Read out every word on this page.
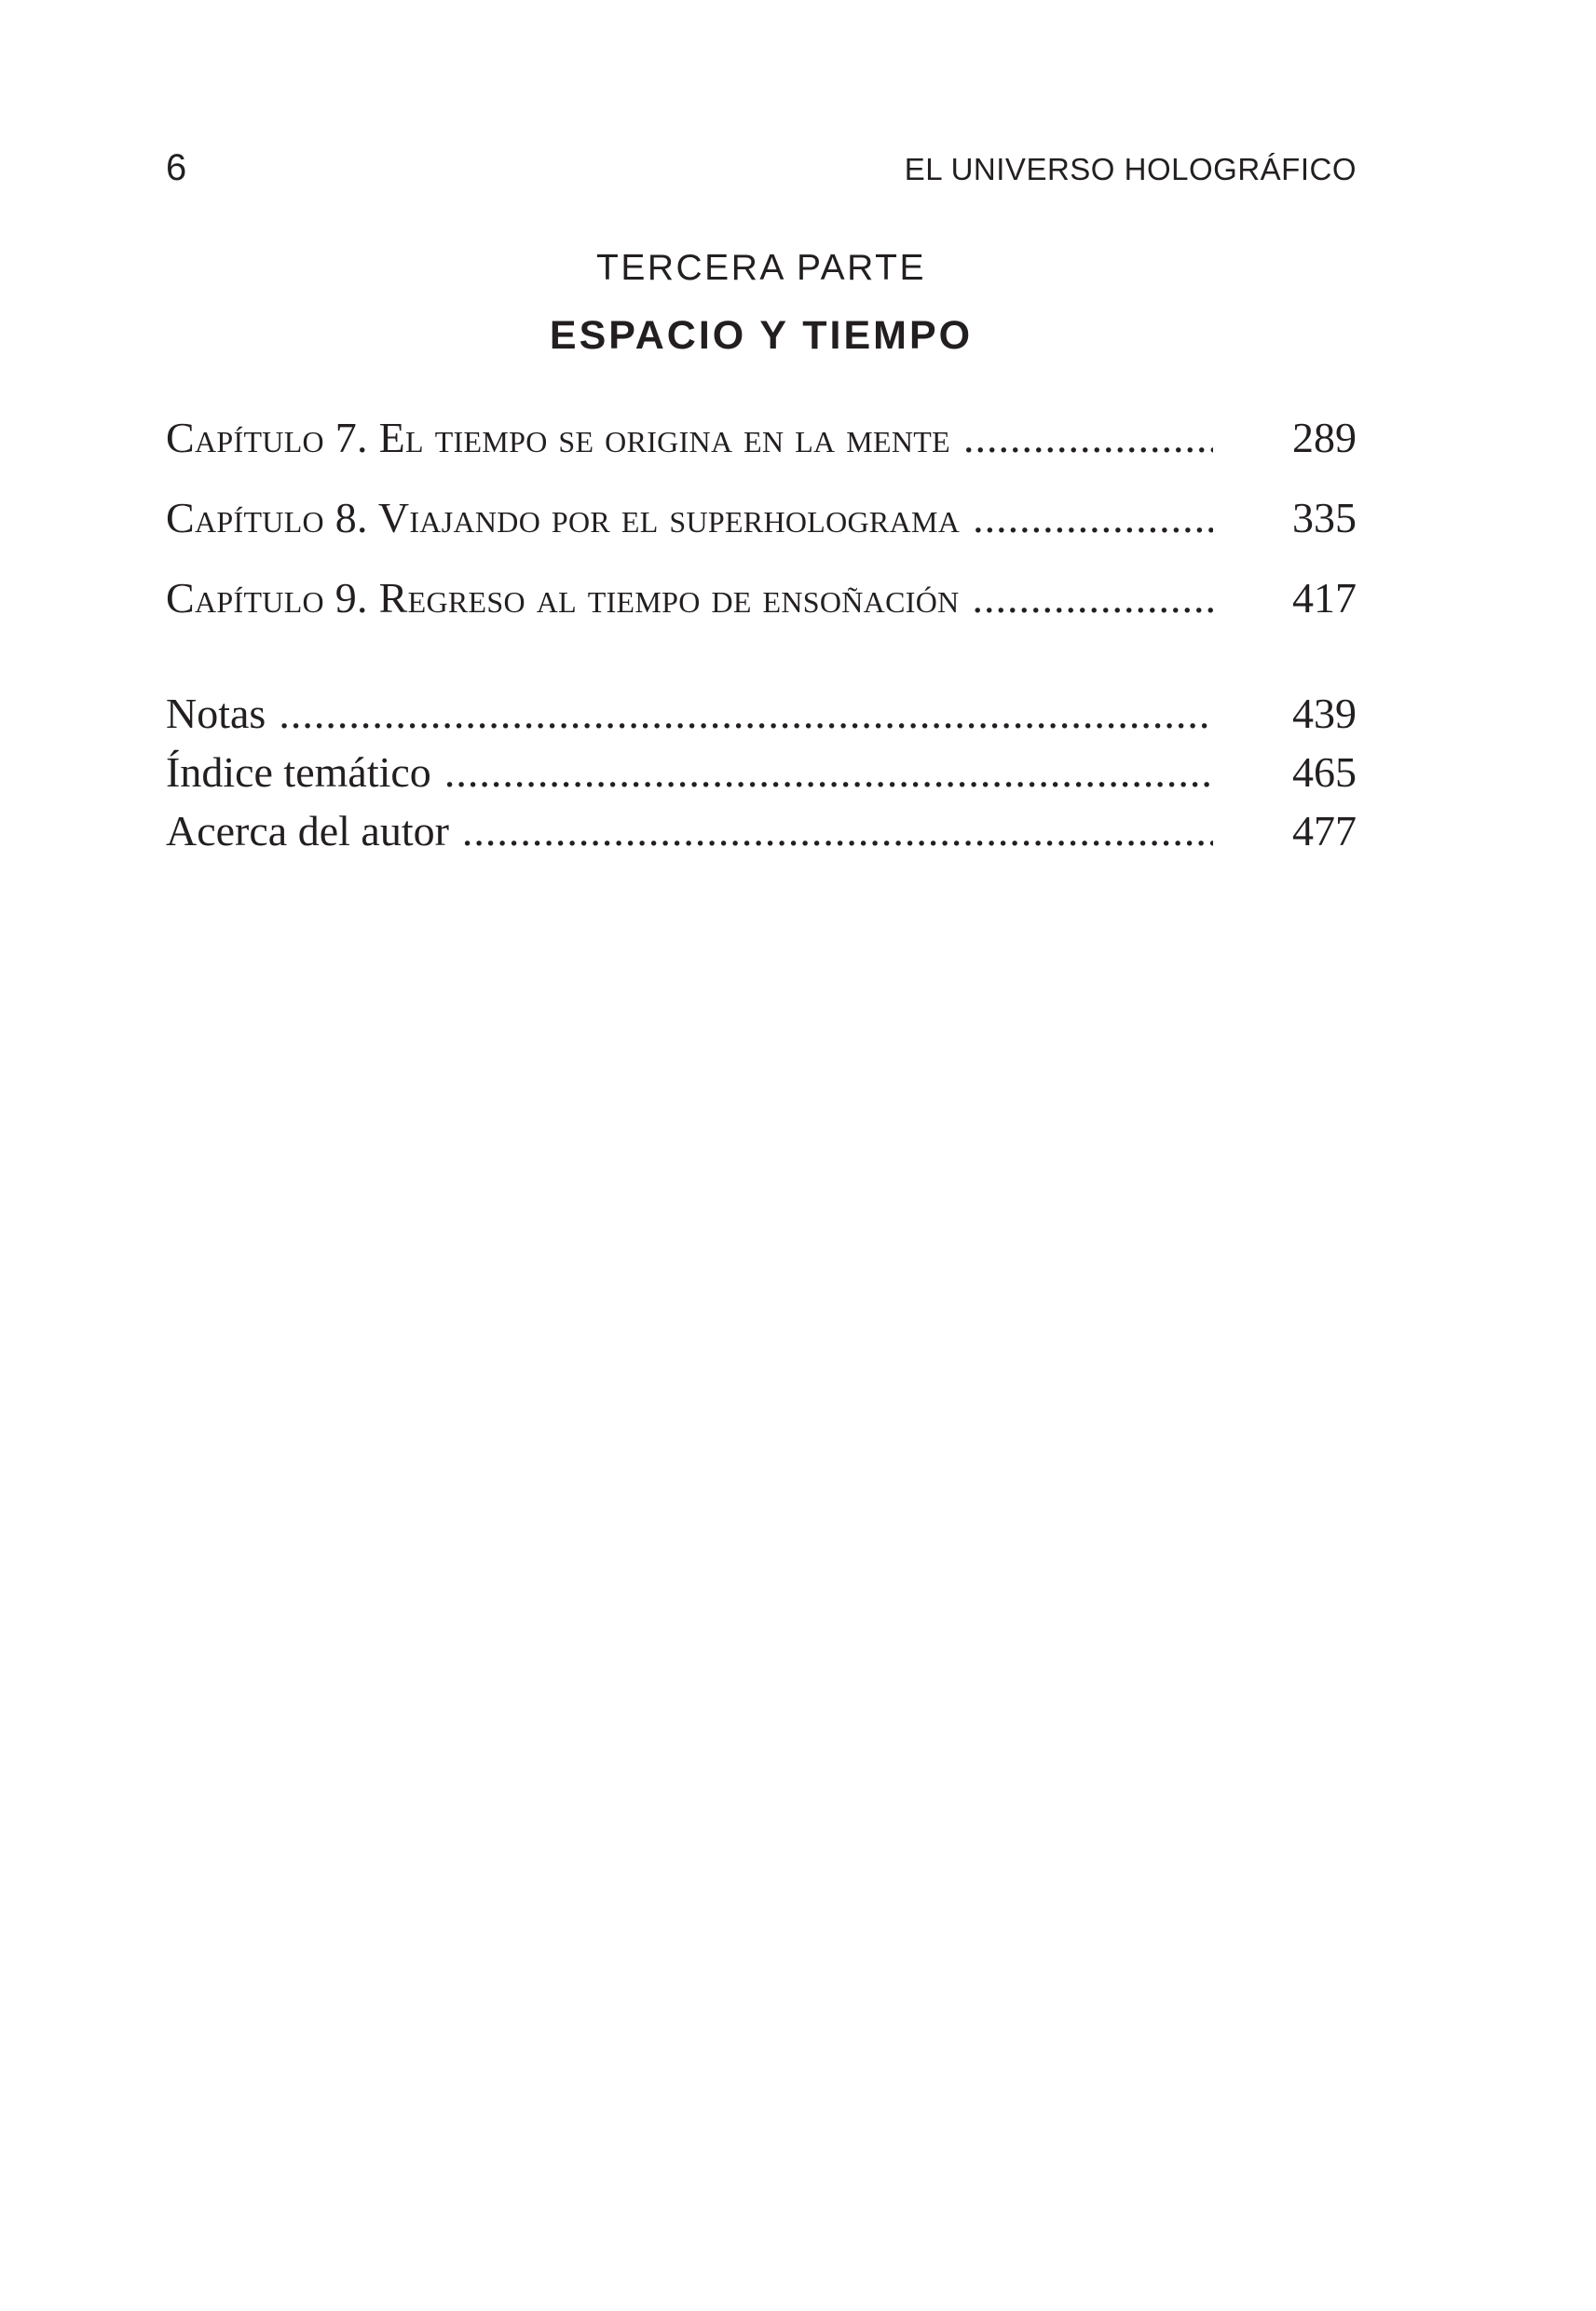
6	EL UNIVERSO HOLOGRÁFICO
TERCERA PARTE
ESPACIO Y TIEMPO
Capítulo 7. El tiempo se origina en la mente .....	289
Capítulo 8. Viajando por el superholograma .....	335
Capítulo 9. Regreso al tiempo de ensoñación .....	417
Notas .....	439
Índice temático .....	465
Acerca del autor .....	477
